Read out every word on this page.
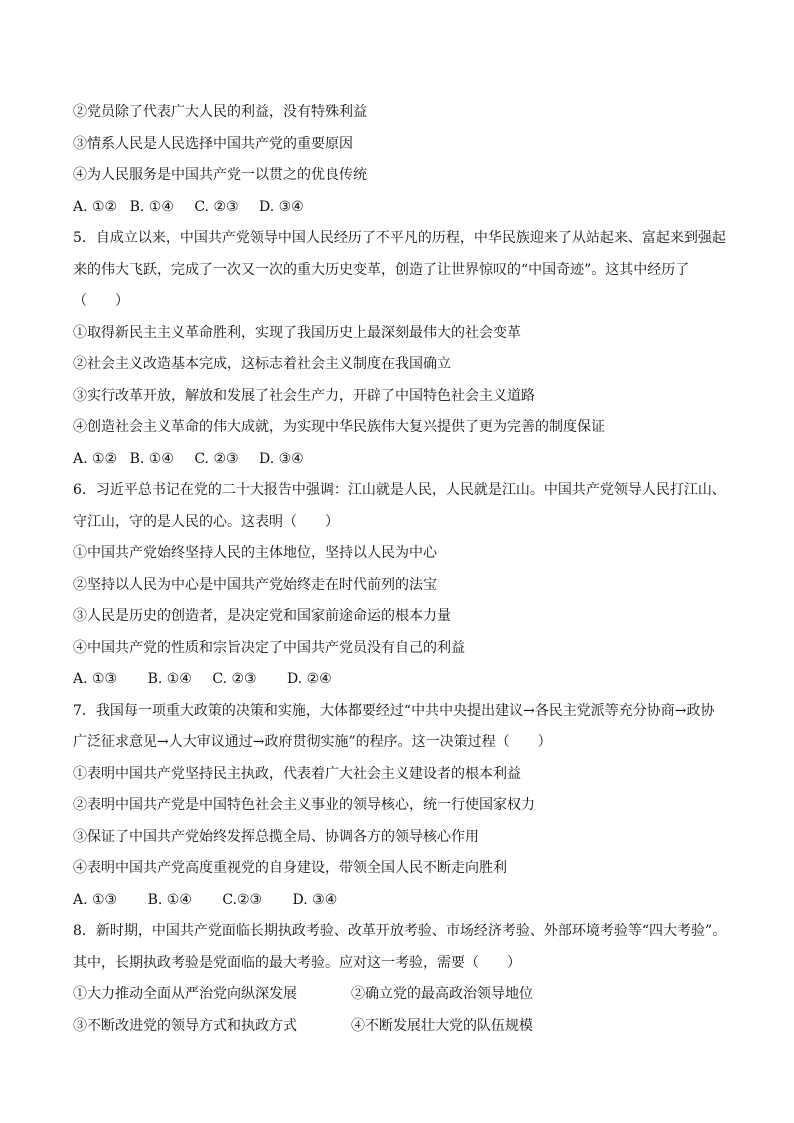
②党员除了代表广大人民的利益，没有特殊利益
③情系人民是人民选择中国共产党的重要原因
④为人民服务是中国共产党一以贯之的优良传统
A. ①② B. ①④ C. ②③ D. ③④
5．自成立以来，中国共产党领导中国人民经历了不平凡的历程，中华民族迎来了从站起来、富起来到强起
来的伟大飞跃，完成了一次又一次的重大历史变革，创造了让世界惊叹的“中国奇迹”。这其中经历了
（　　）
①取得新民主主义革命胜利，实现了我国历史上最深刻最伟大的社会变革
②社会主义改造基本完成，这标志着社会主义制度在我国确立
③实行改革开放，解放和发展了社会生产力，开辟了中国特色社会主义道路
④创造社会主义革命的伟大成就，为实现中华民族伟大复兴提供了更为完善的制度保证
A. ①② B. ①④ C. ②③ D. ③④
6．习近平总书记在党的二十大报告中强调：江山就是人民，人民就是江山。中国共产党领导人民打江山、
守江山，守的是人民的心。这表明（　　）
①中国共产党始终坚持人民的主体地位，坚持以人民为中心
②坚持以人民为中心是中国共产党始终走在时代前列的法宝
③人民是历史的创造者，是决定党和国家前途命运的根本力量
④中国共产党的性质和宗旨决定了中国共产党员没有自己的利益
A. ①③ B. ①④ C. ②③ D. ②④
7．我国每一项重大政策的决策和实施，大体都要经过“中共中央提出建议→各民主党派等充分协商→政协
广泛征求意见→人大审议通过→政府贯彻实施”的程序。这一决策过程（　　）
①表明中国共产党坚持民主执政，代表着广大社会主义建设者的根本利益
②表明中国共产党是中国特色社会主义事业的领导核心，统一行使国家权力
③保证了中国共产党始终发挥总揽全局、协调各方的领导核心作用
④表明中国共产党高度重视党的自身建设，带领全国人民不断走向胜利
A. ①③ B. ①④ C.②③ D. ③④
8．新时期，中国共产党面临长期执政考验、改革开放考验、市场经济考验、外部环境考验等“四大考验”。
其中，长期执政考验是党面临的最大考验。应对这一考验，需要（　　）
①大力推动全面从严治党向纵深发展	②确立党的最高政治领导地位
③不断改进党的领导方式和执政方式	④不断发展壮大党的队伍规模
